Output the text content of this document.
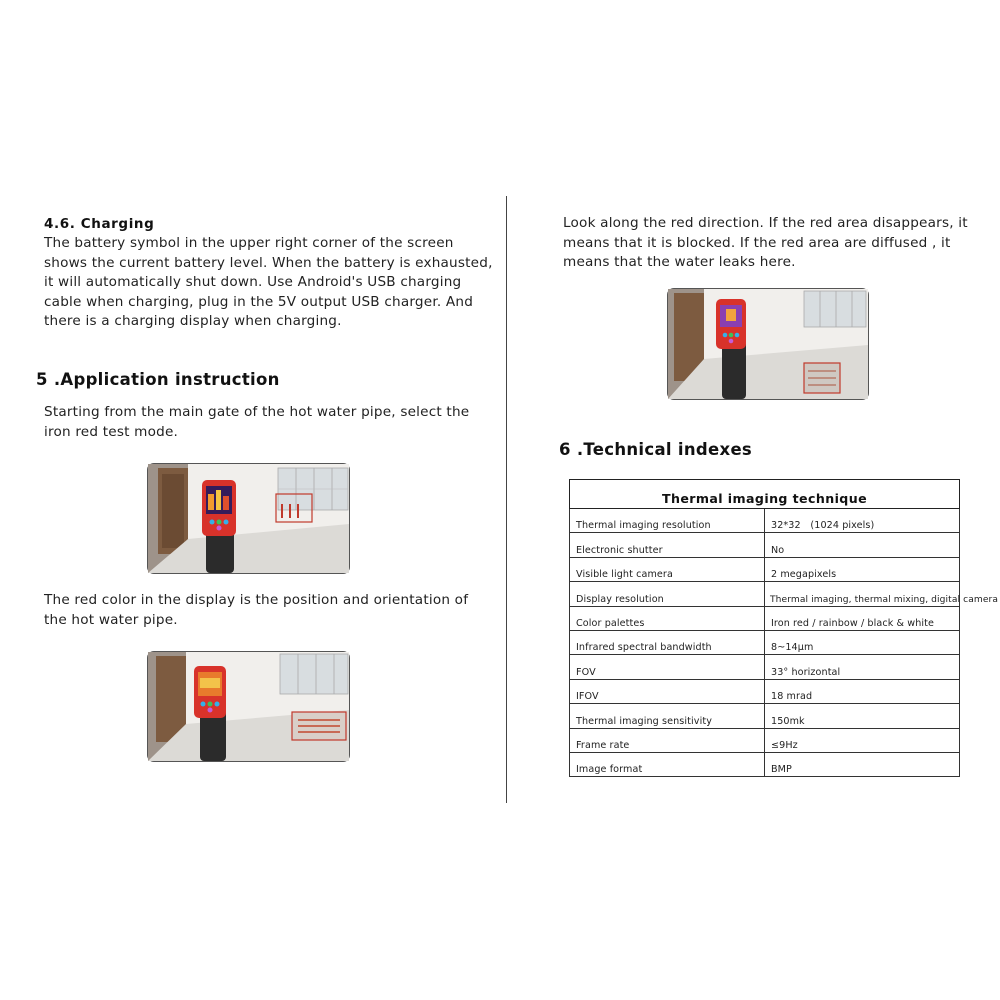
4.6. Charging

The battery symbol in the upper right corner of the screen

shows the current battery level. When the battery is exhausted,

it will automatically shut down. Use Android's USB charging

cable when charging, plug in the 5V output USB charger. And

there is a charging display when charging.

5 .Application instruction

Starting from the main gate of the hot water pipe, select the

iron red test mode.

The red color in the display is the position and orientation of

the hot water pipe.

Look along the red direction. If the red area disappears, it

means that it is blocked. If the red area are diffused , it

means that the water leaks here.

6 .Technical indexes
Thermal imaging technique	
Thermal imaging resolution	32*32　(1024 pixels)
Electronic shutter	No
Visible light camera	2 megapixels
Display resolution	Thermal imaging, thermal mixing, digital camera
Color palettes	Iron red / rainbow / black & white
Infrared spectral bandwidth	8~14μm
FOV	33° horizontal
IFOV	18 mrad
Thermal imaging sensitivity	150mk
Frame rate	≤9Hz
Image format	BMP
